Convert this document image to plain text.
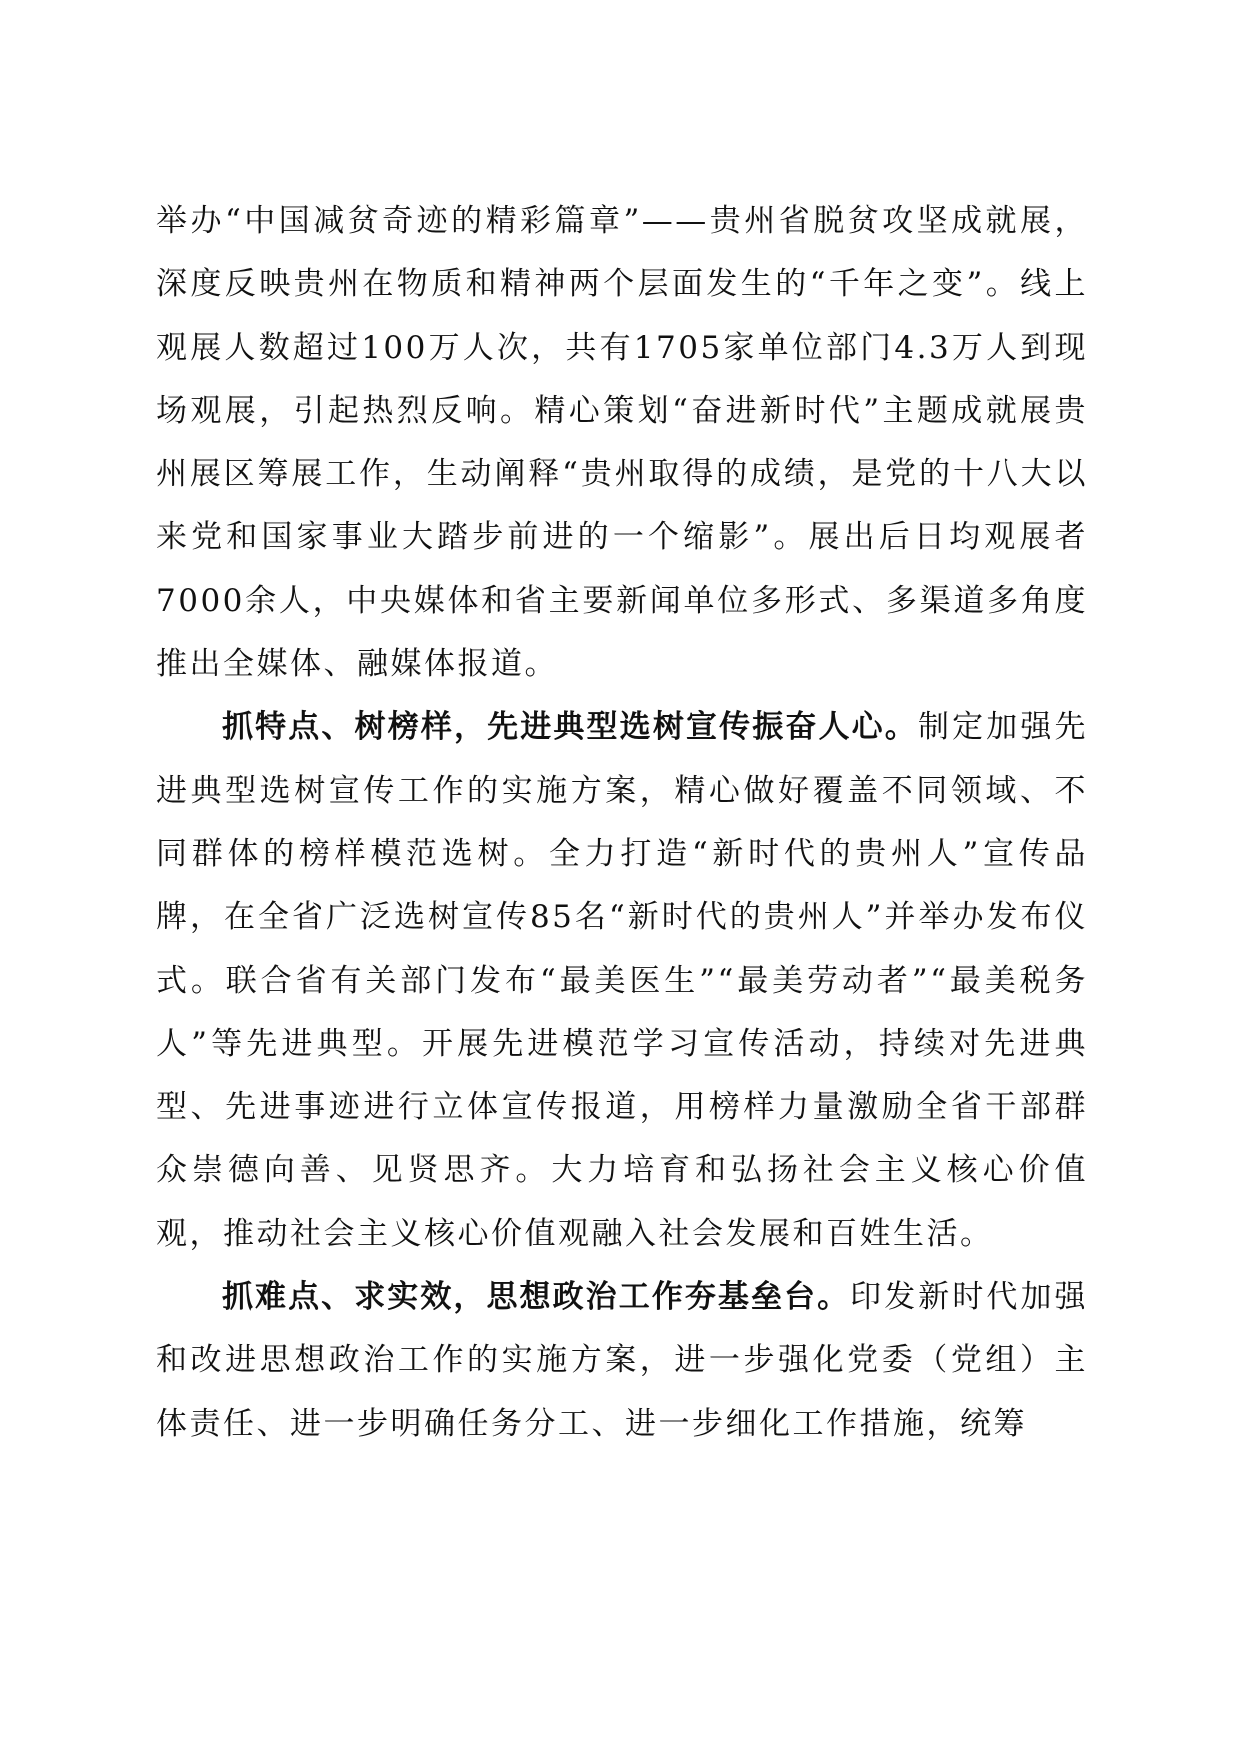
举办“中国减贫奇迹的精彩篇章”——贵州省脱贫攻坚成就展，深度反映贵州在物质和精神两个层面发生的“千年之变”。线上观展人数超过100万人次，共有1705家单位部门4.3万人到现场观展，引起热烈反响。精心策划“奋进新时代”主题成就展贵州展区筹展工作，生动阐释“贵州取得的成绩，是党的十八大以来党和国家事业大踏步前进的一个缩影”。展出后日均观展者7000余人，中央媒体和省主要新闻单位多形式、多渠道多角度推出全媒体、融媒体报道。

抓特点、树榜样，先进典型选树宣传振奋人心。制定加强先进典型选树宣传工作的实施方案，精心做好覆盖不同领域、不同群体的榜样模范选树。全力打造“新时代的贵州人”宣传品牌，在全省广泛选树宣传85名“新时代的贵州人”并举办发布仪式。联合省有关部门发布“最美医生”“最美劳动者”“最美税务人”等先进典型。开展先进模范学习宣传活动，持续对先进典型、先进事迹进行立体宣传报道，用榜样力量激励全省干部群众崇德向善、见贤思齐。大力培育和弘扬社会主义核心价值观，推动社会主义核心价值观融入社会发展和百姓生活。

抓难点、求实效，思想政治工作夯基垒台。印发新时代加强和改进思想政治工作的实施方案，进一步强化党委（党组）主体责任、进一步明确任务分工、进一步细化工作措施，统筹
